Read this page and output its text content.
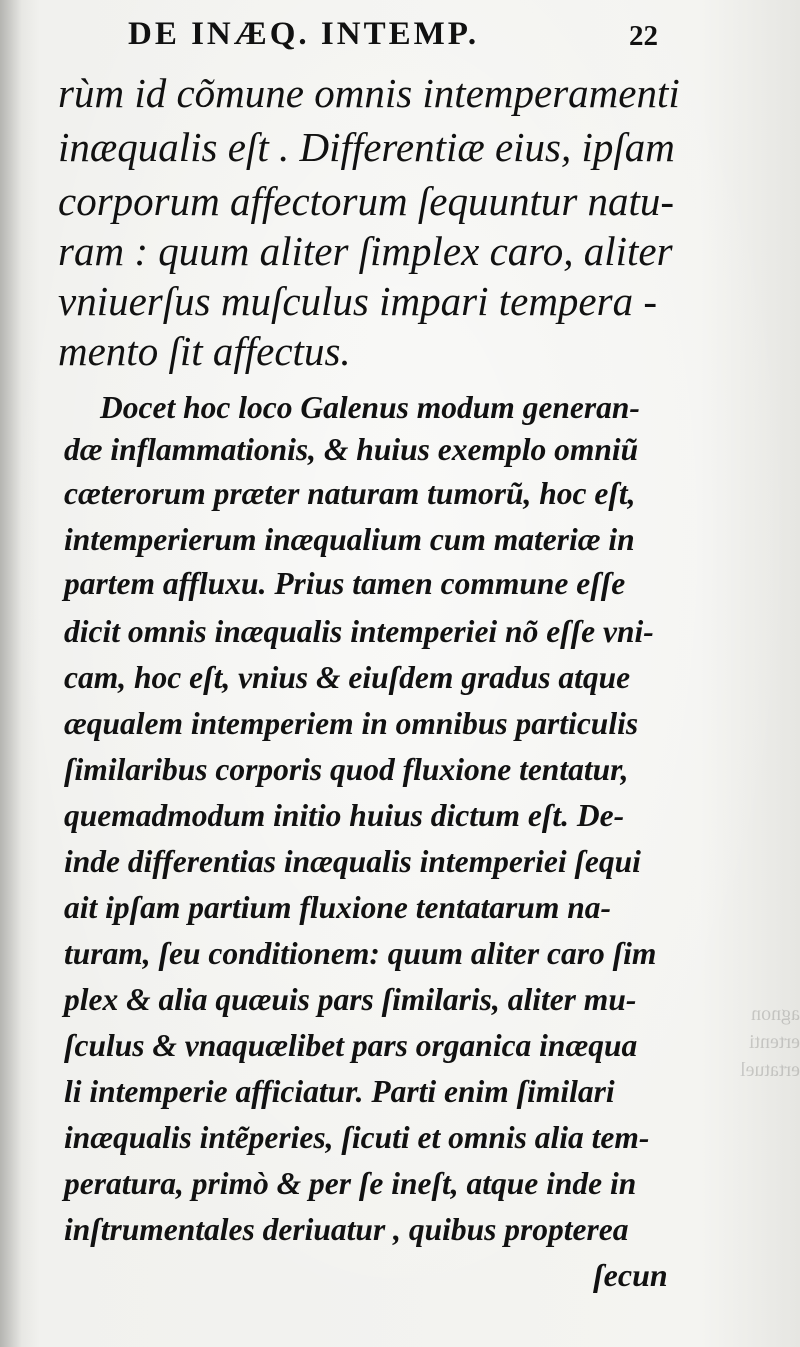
agnon
ertenti
ertatuel
DE INÆQ. INTEMP.	22
rùm id cõmune omnis intemperamenti
inæqualis eſt . Differentiæ eius, ipſam
corporum affectorum ſequuntur natu-
ram : quum aliter ſimplex caro, aliter
vniuerſus muſculus impari tempera -
mento ſit affectus.
Docet hoc loco Galenus modum generan-
dæ inflammationis, & huius exemplo omniũ
cæterorum præter naturam tumorũ, hoc eſt,
intemperierum inæqualium cum materiæ in
partem affluxu. Prius tamen commune eſſe
dicit omnis inæqualis intemperiei nõ eſſe vni-
cam, hoc eſt, vnius & eiuſdem gradus atque
æqualem intemperiem in omnibus particulis
ſimilaribus corporis quod fluxione tentatur,
quemadmodum initio huius dictum eſt. De-
inde differentias inæqualis intemperiei ſequi
ait ipſam partium fluxione tentatarum na-
turam, ſeu conditionem: quum aliter caro ſim
plex & alia quæuis pars ſimilaris, aliter mu-
ſculus & vnaquælibet pars organica inæqua
li intemperie afficiatur. Parti enim ſimilari
inæqualis intẽperies, ſicuti et omnis alia tem-
peratura, primò & per ſe ineſt, atque inde in
inſtrumentales deriuatur , quibus propterea
ſecun
